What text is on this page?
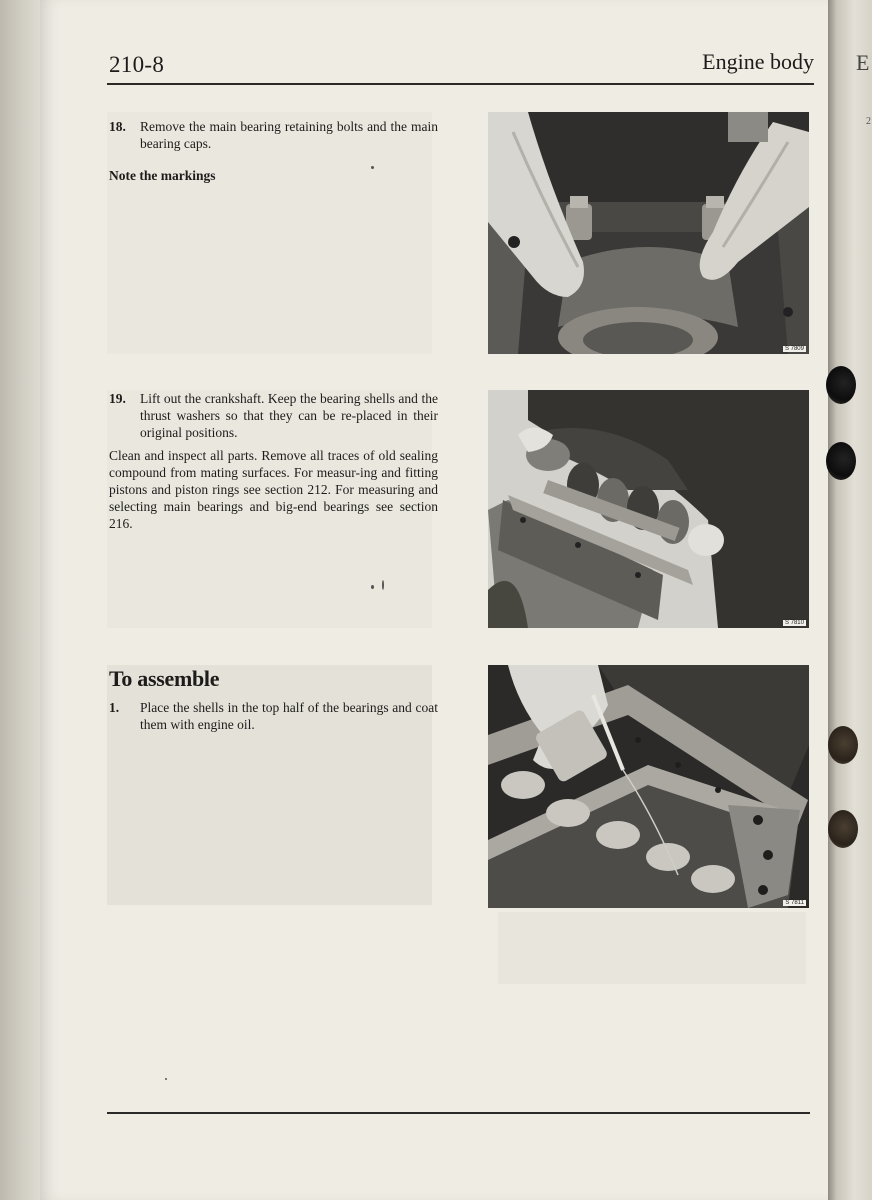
E
2
210-8	Engine body
18. Remove the main bearing retaining bolts and the main bearing caps.
Note the markings
19. Lift out the crankshaft. Keep the bearing shells and the thrust washers so that they can be re-placed in their original positions.
Clean and inspect all parts. Remove all traces of old sealing compound from mating surfaces. For measur-ing and fitting pistons and piston rings see section 212. For measuring and selecting main bearings and big-end bearings see section 216.
To assemble
1. Place the shells in the top half of the bearings and coat them with engine oil.
S 7809
S 7810
S 7811
